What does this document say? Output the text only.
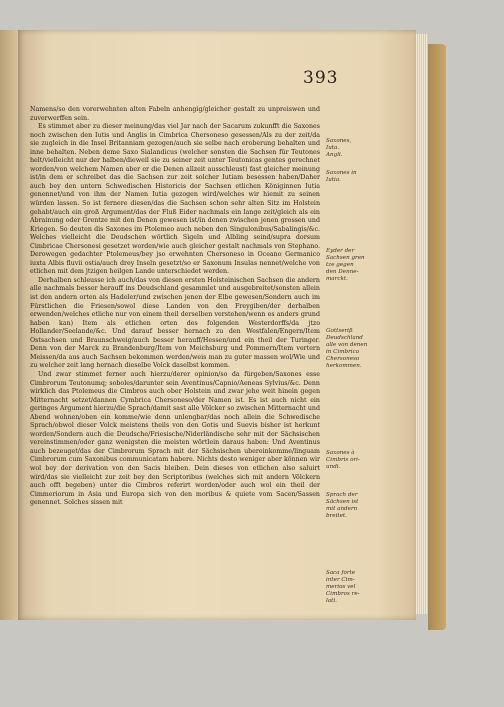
393

Namens/so den vorerwehnten alten Fabeln anhengig/gleicher gestalt zu unpreiswen und zuverwerffen sein.

Es stimmet aber zu dieser meinung/das viel Jar nach der Sacarum zukunfft die Saxones noch zwischen den Iutis und Anglis in Cimbrica Chersoneso gesessen/Als zu der zeit/da sie zugleich in die Insel Britanniam gezogen/auch sie selbe nach eroberung behalten und inne behalten. Neben deme Saxo Sialandicus (welcher sonsten die Sachsen für Teutones helt/vielleicht nur der halben/dieweil sie zu seiner zeit unter Teutonicas gentes gerechnet worden/von welchem Namen aber er die Denen allzeit ausschleust) fast gleicher meinung ist/in dem er schreibet das die Sachsen zur zeit solcher Iutiam besessen haben/Daher auch bey den untern Schwedischen Historicis der Sachsen etlichen Königinnen Iutia genennet/und von ihm der Namen Iutia gezogen wird/welches wir hiemit zu seinen würden lassen. So ist fernere diesen/das die Sachsen schon sehr alten Sitz im Holstein gehabt/auch ein groß Argument/das der Fluß Eider nachmals ein lange zeit/gleich als ein Abrainung oder Grentze mit den Denen gewesen ist/in denen zwischen jenen grossen und Kriegen. So deuten dis Saxones im Ptolemeo auch neben den Singulonibus/Sabalingis/&c. Welches vielleicht die Deudschen wörtlich Sigeln und Albling seind/supra dorsum Cimbricae Chersonesi gesetzet worden/wie auch gleicher gestalt nachmals von Stephano. Derowegen gedachter Ptolemeus/bey jso erwehnten Chersoneso in Oceano Germanico iuxta Albis fluvii ostia/auch drey Inseln gesetzt/so er Saxonum Insulas nennet/welche von etlichen mit dem jtzigen heilgen Lande unterschiedet werden.

Derhalben schleusse ich auch/das von diesen ersten Holsteinischen Sachsen die andern alle nachmals besser herauff ins Deudschland gesammlet und ausgebreitet/sonsten allein ist den andern orten als Hadeler/und zwischen jenen der Elbe gewesen/Sondern auch im Fürstlichen die Friesen/sowol diese Landen von den Freygiben/der derhalben erwenden/welches etliche nur von einem theil derselben verstehen/wenn es anders grund haben kan) Item als etlichen orten des folgenden Westerdorffs/da jtzo Hollander/Seelande/&c. Und darauf besser hernach zu den Westfalen/Engern/Item Ostsachsen und Braunschweig/auch besser herauff/Hessen/und ein theil der Turinger. Denn von der Marck zu Brandenburg/Item von Meichsburg und Pommern/Item vertern Meissen/da aus auch Sachsen bekommen werden/weis man zu guter massen wol/Wie und zu welcher zeit lang hernach dieselbe Volck daselbst kommen.

Und zwar stimmet ferner auch hierzu/derer opinion/so da fürgeben/Saxones esse Cimbrorum Teutonumq; soboles/darunter sein Aventinus/Capnio/Aeneas Sylvius/&c. Denn wirklich das Ptolemeus die Cimbros auch ober Holstein und zwar jehe weit hinein gegen Mitternacht setzet/dannen Cymbrica Chersoneso/der Namen ist. Es ist auch nicht ein geringes Argument hierzu/die Sprach/damit sast alle Völcker so zwischen Mitternacht und Abend wohnen/oben ein komme/wie denn unlengbar/das noch allein die Schwedische Sprach/obwol dieser Volck meistens theils von den Gotis und Suevis bisher ist herkunt worden/Sondern auch die Deudsche/Friesische/Niderländische sehr mit der Sächsischen vereinstimmen/oder ganz wenigsten die meisten wörtlein daraus haben: Und Aventinus auch bezeuget/das der Cimbrorum Sprach mit der Sächsischen ubereinkomme/linguam Cimbrorum cum Saxonibus communicatam habere. Nichts desto weniger aber können wir wol bey der derivation von den Sacis bleiben. Dein dieses von etlichen also saluirt wird/das sie vielleicht zur zeit bey den Scriptoribus (welches sich mit andern Völckern auch offt begeben) unter die Cimbros referirt worden/oder auch wol ein theil der Cimmeriorum in Asia und Europa sich von den moribus & quiete vom Sacen/Sassen genennet. Solches sissen mit

Saxones,
Iuta.
Angli.
Saxones in
Iutia.
Eyder der
Sachsen gren
tze gegen
den Denne-
marckt.
Gottseriß
Deudschland
alle von denen
in Cimbrica
Chersoneso
herkommen.
Saxones à
Cimbris ori-
undi.
Sprach der
Sächsen ist
mit andern
breitet.
Saca forte
inter Cim-
merios vel
Cimbros re-
lati.
